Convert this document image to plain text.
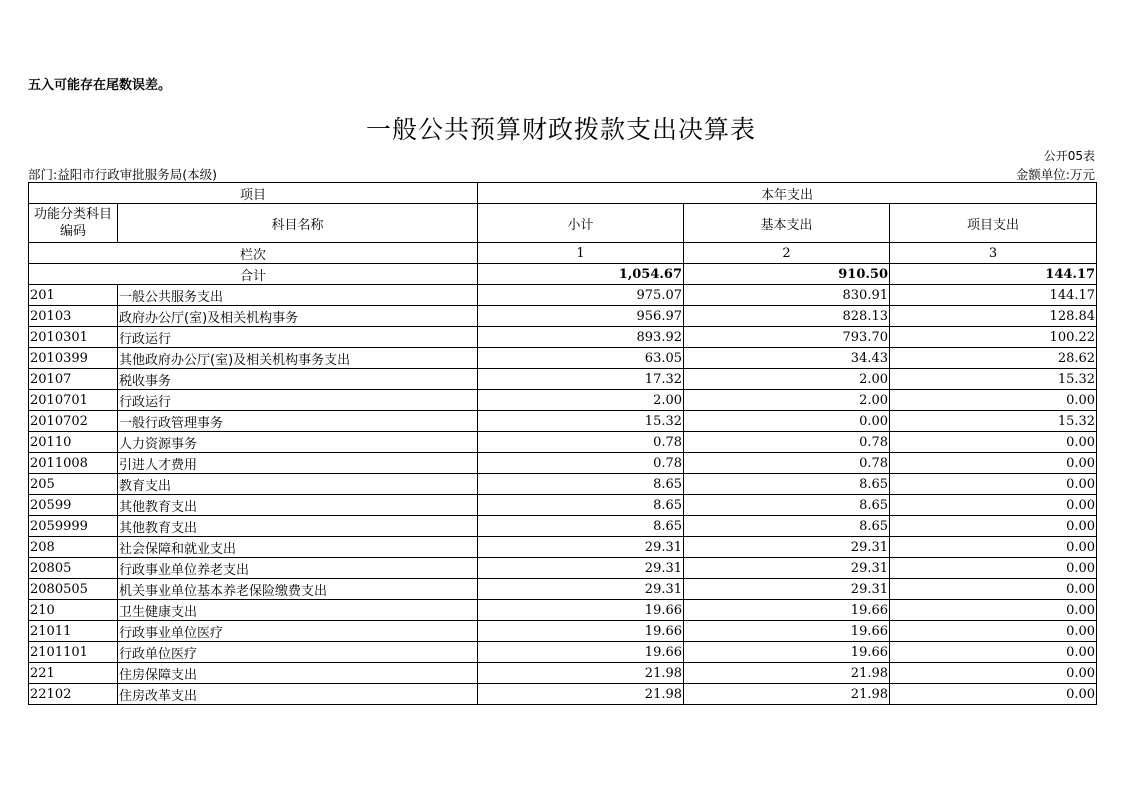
五入可能存在尾数误差。
一般公共预算财政拨款支出决算表
公开05表
部门:益阳市行政审批服务局(本级)	金额单位:万元
项目		本年支出		
功能分类科目编码	科目名称	小计	基本支出	项目支出
栏次		1	2	3
合计		1,054.67	910.50	144.17
201	一般公共服务支出	975.07	830.91	144.17
20103	政府办公厅(室)及相关机构事务	956.97	828.13	128.84
2010301	行政运行	893.92	793.70	100.22
2010399	其他政府办公厅(室)及相关机构事务支出	63.05	34.43	28.62
20107	税收事务	17.32	2.00	15.32
2010701	行政运行	2.00	2.00	0.00
2010702	一般行政管理事务	15.32	0.00	15.32
20110	人力资源事务	0.78	0.78	0.00
2011008	引进人才费用	0.78	0.78	0.00
205	教育支出	8.65	8.65	0.00
20599	其他教育支出	8.65	8.65	0.00
2059999	其他教育支出	8.65	8.65	0.00
208	社会保障和就业支出	29.31	29.31	0.00
20805	行政事业单位养老支出	29.31	29.31	0.00
2080505	机关事业单位基本养老保险缴费支出	29.31	29.31	0.00
210	卫生健康支出	19.66	19.66	0.00
21011	行政事业单位医疗	19.66	19.66	0.00
2101101	行政单位医疗	19.66	19.66	0.00
221	住房保障支出	21.98	21.98	0.00
22102	住房改革支出	21.98	21.98	0.00
